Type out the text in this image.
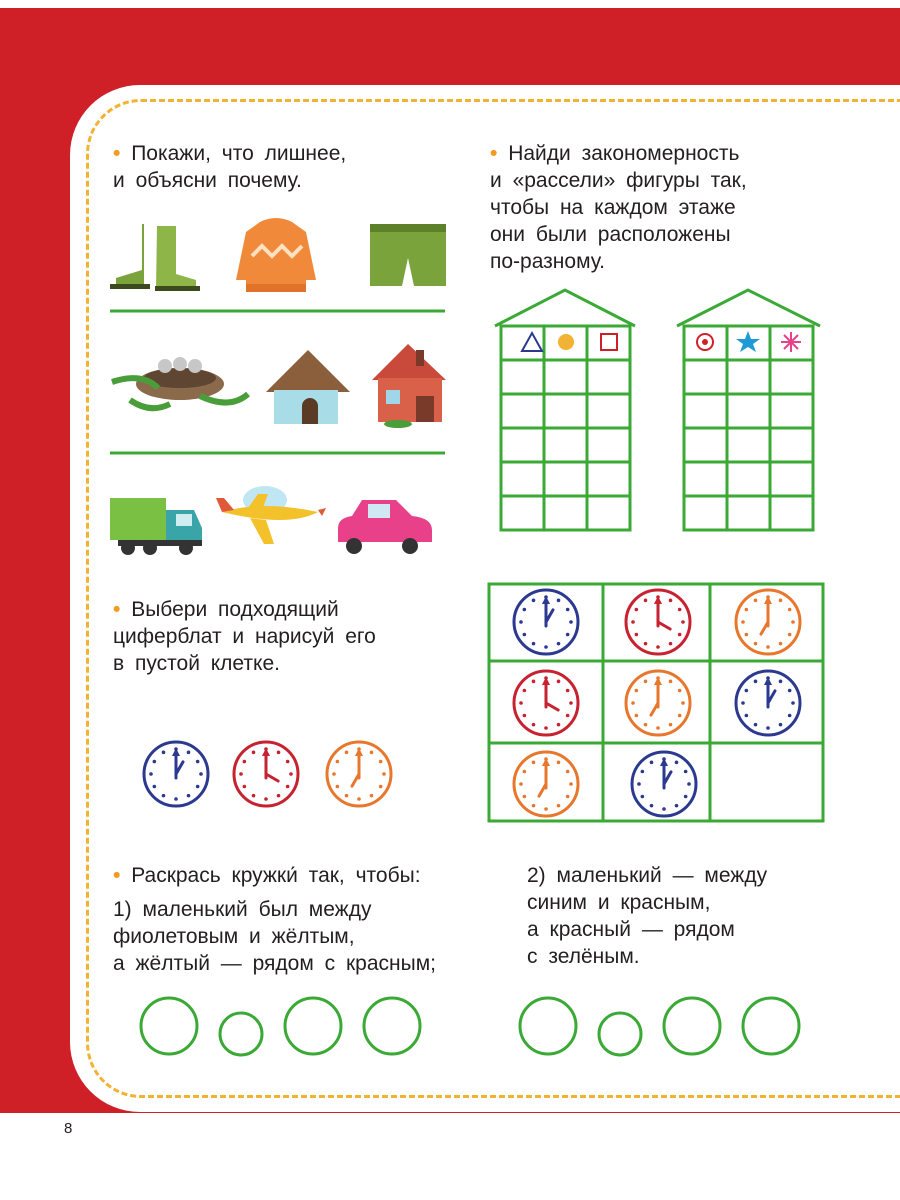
• Покажи, что лишнее,
и объясни почему.
• Найди закономерность
и «рассели» фигуры так,
чтобы на каждом этаже
они были расположены
по-разному.
• Выбери подходящий
циферблат и нарисуй его
в пустой клетке.
• Раскрась кружки́ так, чтобы:
1) маленький был между
фиолетовым и жёлтым,
а жёлтый — рядом с красным;
2) маленький — между
синим и красным,
а красный — рядом
с зелёным.
8
